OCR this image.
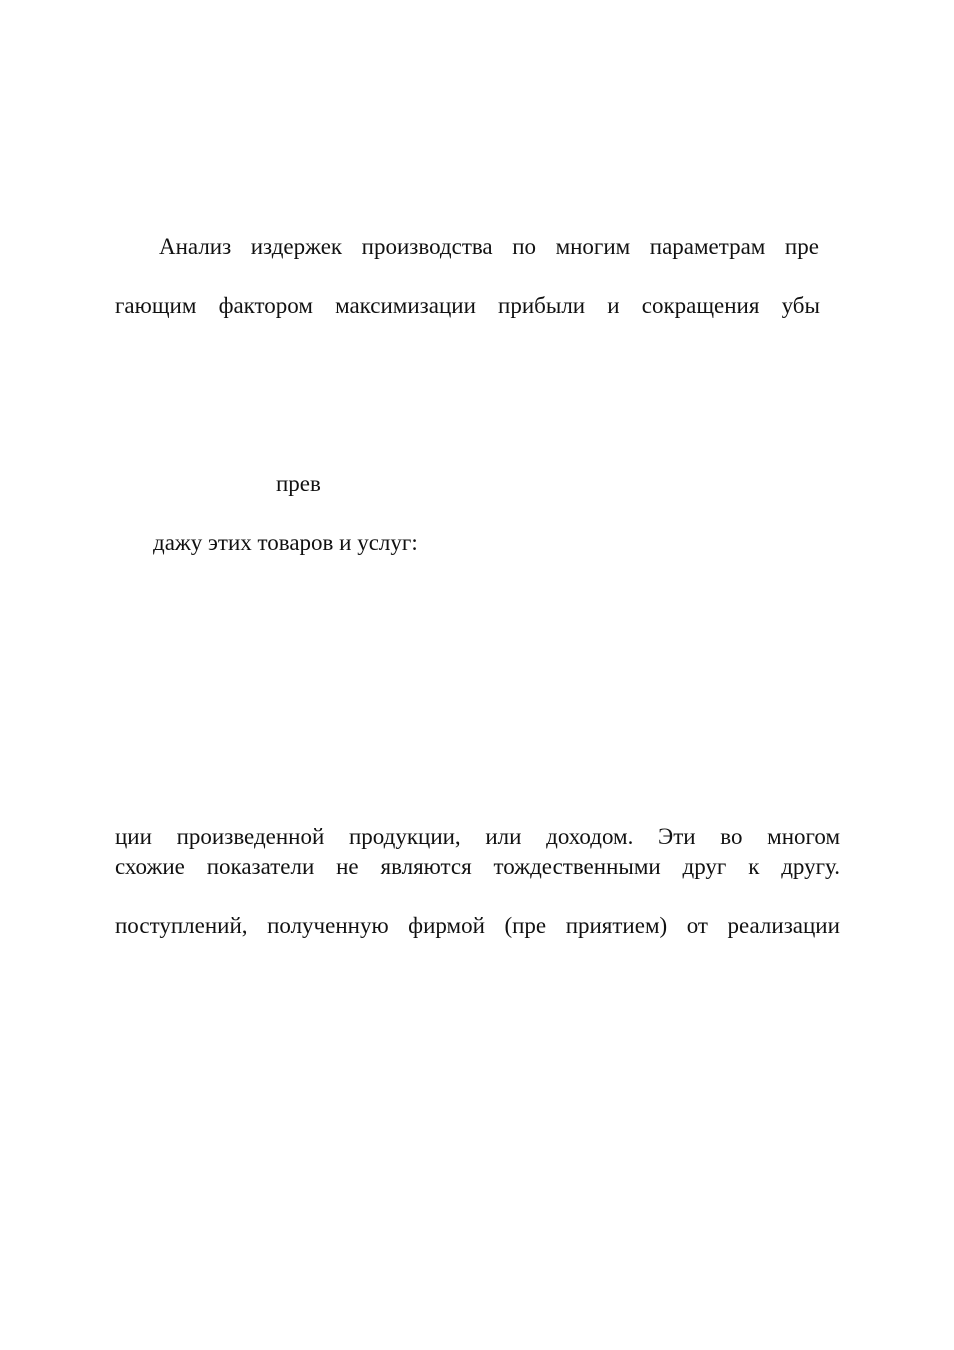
Анализ издержек производства по многим параметрам пре
гающим фактором максимизации прибыли и сокращения убы
прев
дажу этих товаров и услуг:
ции произведенной продукции, или доходом. Эти во многом
схожие показатели не являются тождественными друг к другу.
поступлений, полученную фирмой (пре приятием) от реализации
